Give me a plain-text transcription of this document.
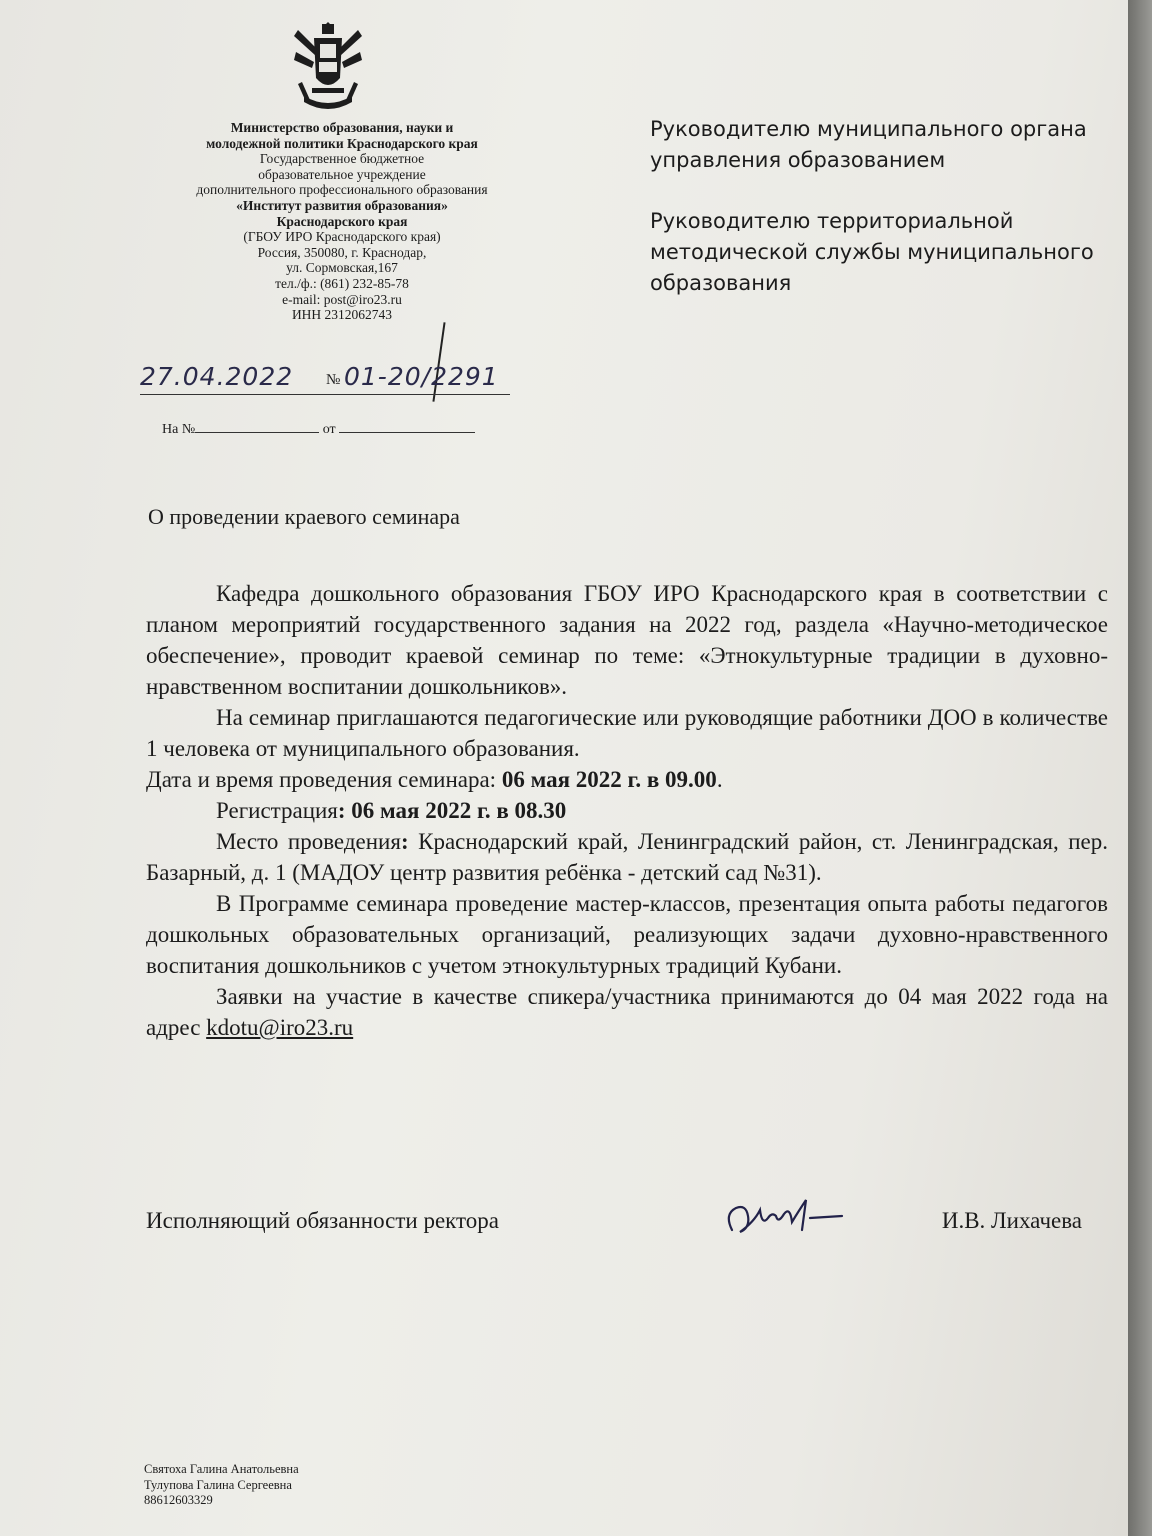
Министерство образования, науки и
молодежной политики Краснодарского края
Государственное бюджетное
образовательное учреждение
дополнительного профессионального образования
«Институт развития образования»
Краснодарского края
(ГБОУ ИРО Краснодарского края)
Россия, 350080, г. Краснодар,
ул. Сормовская,167
тел./ф.: (861) 232-85-78
e-mail: post@iro23.ru
ИНН 2312062743
27.04.2022 № 01-20/2291
На №	от

Руководителю муниципального органа управления образованием

Руководителю территориальной методической службы муниципального образования

О проведении краевого семинара

Кафедра дошкольного образования ГБОУ ИРО Краснодарского края в соответствии с планом мероприятий государственного задания на 2022 год, раздела «Научно-методическое обеспечение», проводит краевой семинар по теме: «Этнокультурные традиции в духовно-нравственном воспитании дошкольников».

На семинар приглашаются педагогические или руководящие работники ДОО в количестве 1 человека от муниципального образования.

Дата и время проведения семинара: 06 мая 2022 г. в 09.00.

Регистрация: 06 мая 2022 г. в 08.30

Место проведения: Краснодарский край, Ленинградский район, ст. Ленинградская, пер. Базарный, д. 1 (МАДОУ центр развития ребёнка - детский сад №31).

В Программе семинара проведение мастер-классов, презентация опыта работы педагогов дошкольных образовательных организаций, реализующих задачи духовно-нравственного воспитания дошкольников с учетом этнокультурных традиций Кубани.

Заявки на участие в качестве спикера/участника принимаются до 04 мая 2022 года на адрес kdotu@iro23.ru

Исполняющий обязанности ректора	И.В. Лихачева
Святоха Галина Анатольевна
Тулупова Галина Сергеевна
88612603329
